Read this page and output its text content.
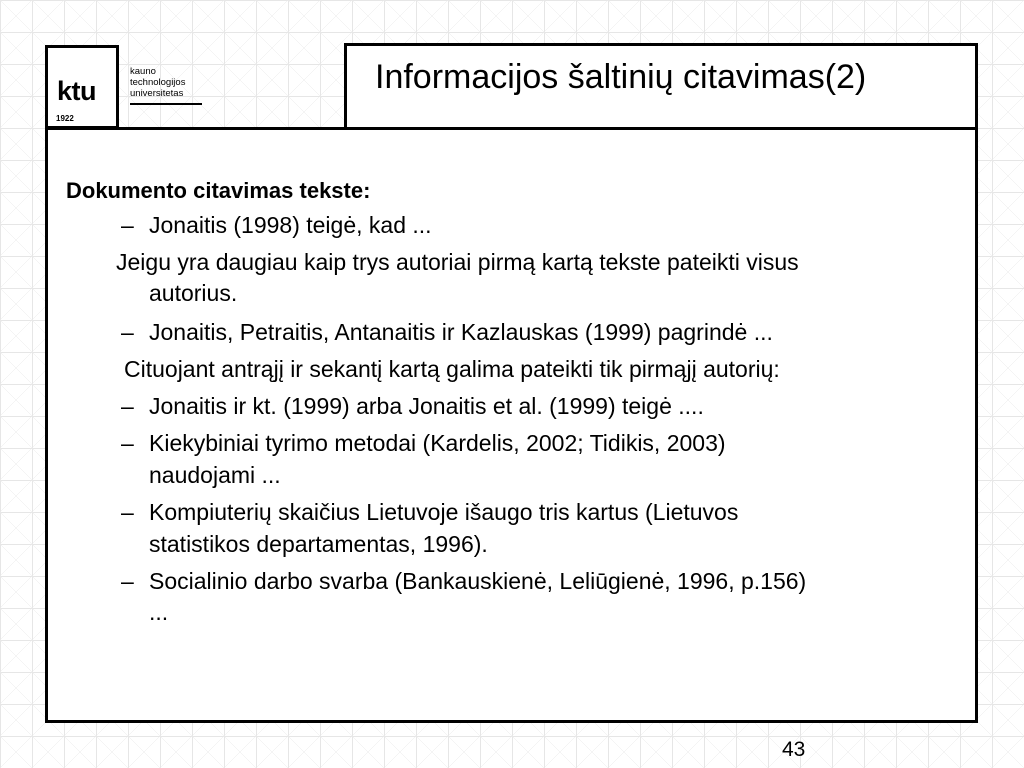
ktu
1922
kauno
technologijos
universitetas	Informacijos šaltinių citavimas(2)
Dokumento citavimas tekste:
– Jonaitis (1998) teigė, kad ...
Jeigu yra daugiau kaip trys autoriai pirmą kartą tekste pateikti visus
autorius.
– Jonaitis, Petraitis, Antanaitis ir Kazlauskas (1999) pagrindė ...
Cituojant antrąjį ir sekantį kartą galima pateikti tik pirmąjį autorių:
– Jonaitis ir kt. (1999) arba Jonaitis et al. (1999) teigė ....
– Kiekybiniai tyrimo metodai (Kardelis, 2002; Tidikis, 2003)
naudojami ...
– Kompiuterių skaičius Lietuvoje išaugo tris kartus (Lietuvos
statistikos departamentas, 1996).
– Socialinio darbo svarba (Bankauskienė, Leliūgienė, 1996, p.156)
...
43
